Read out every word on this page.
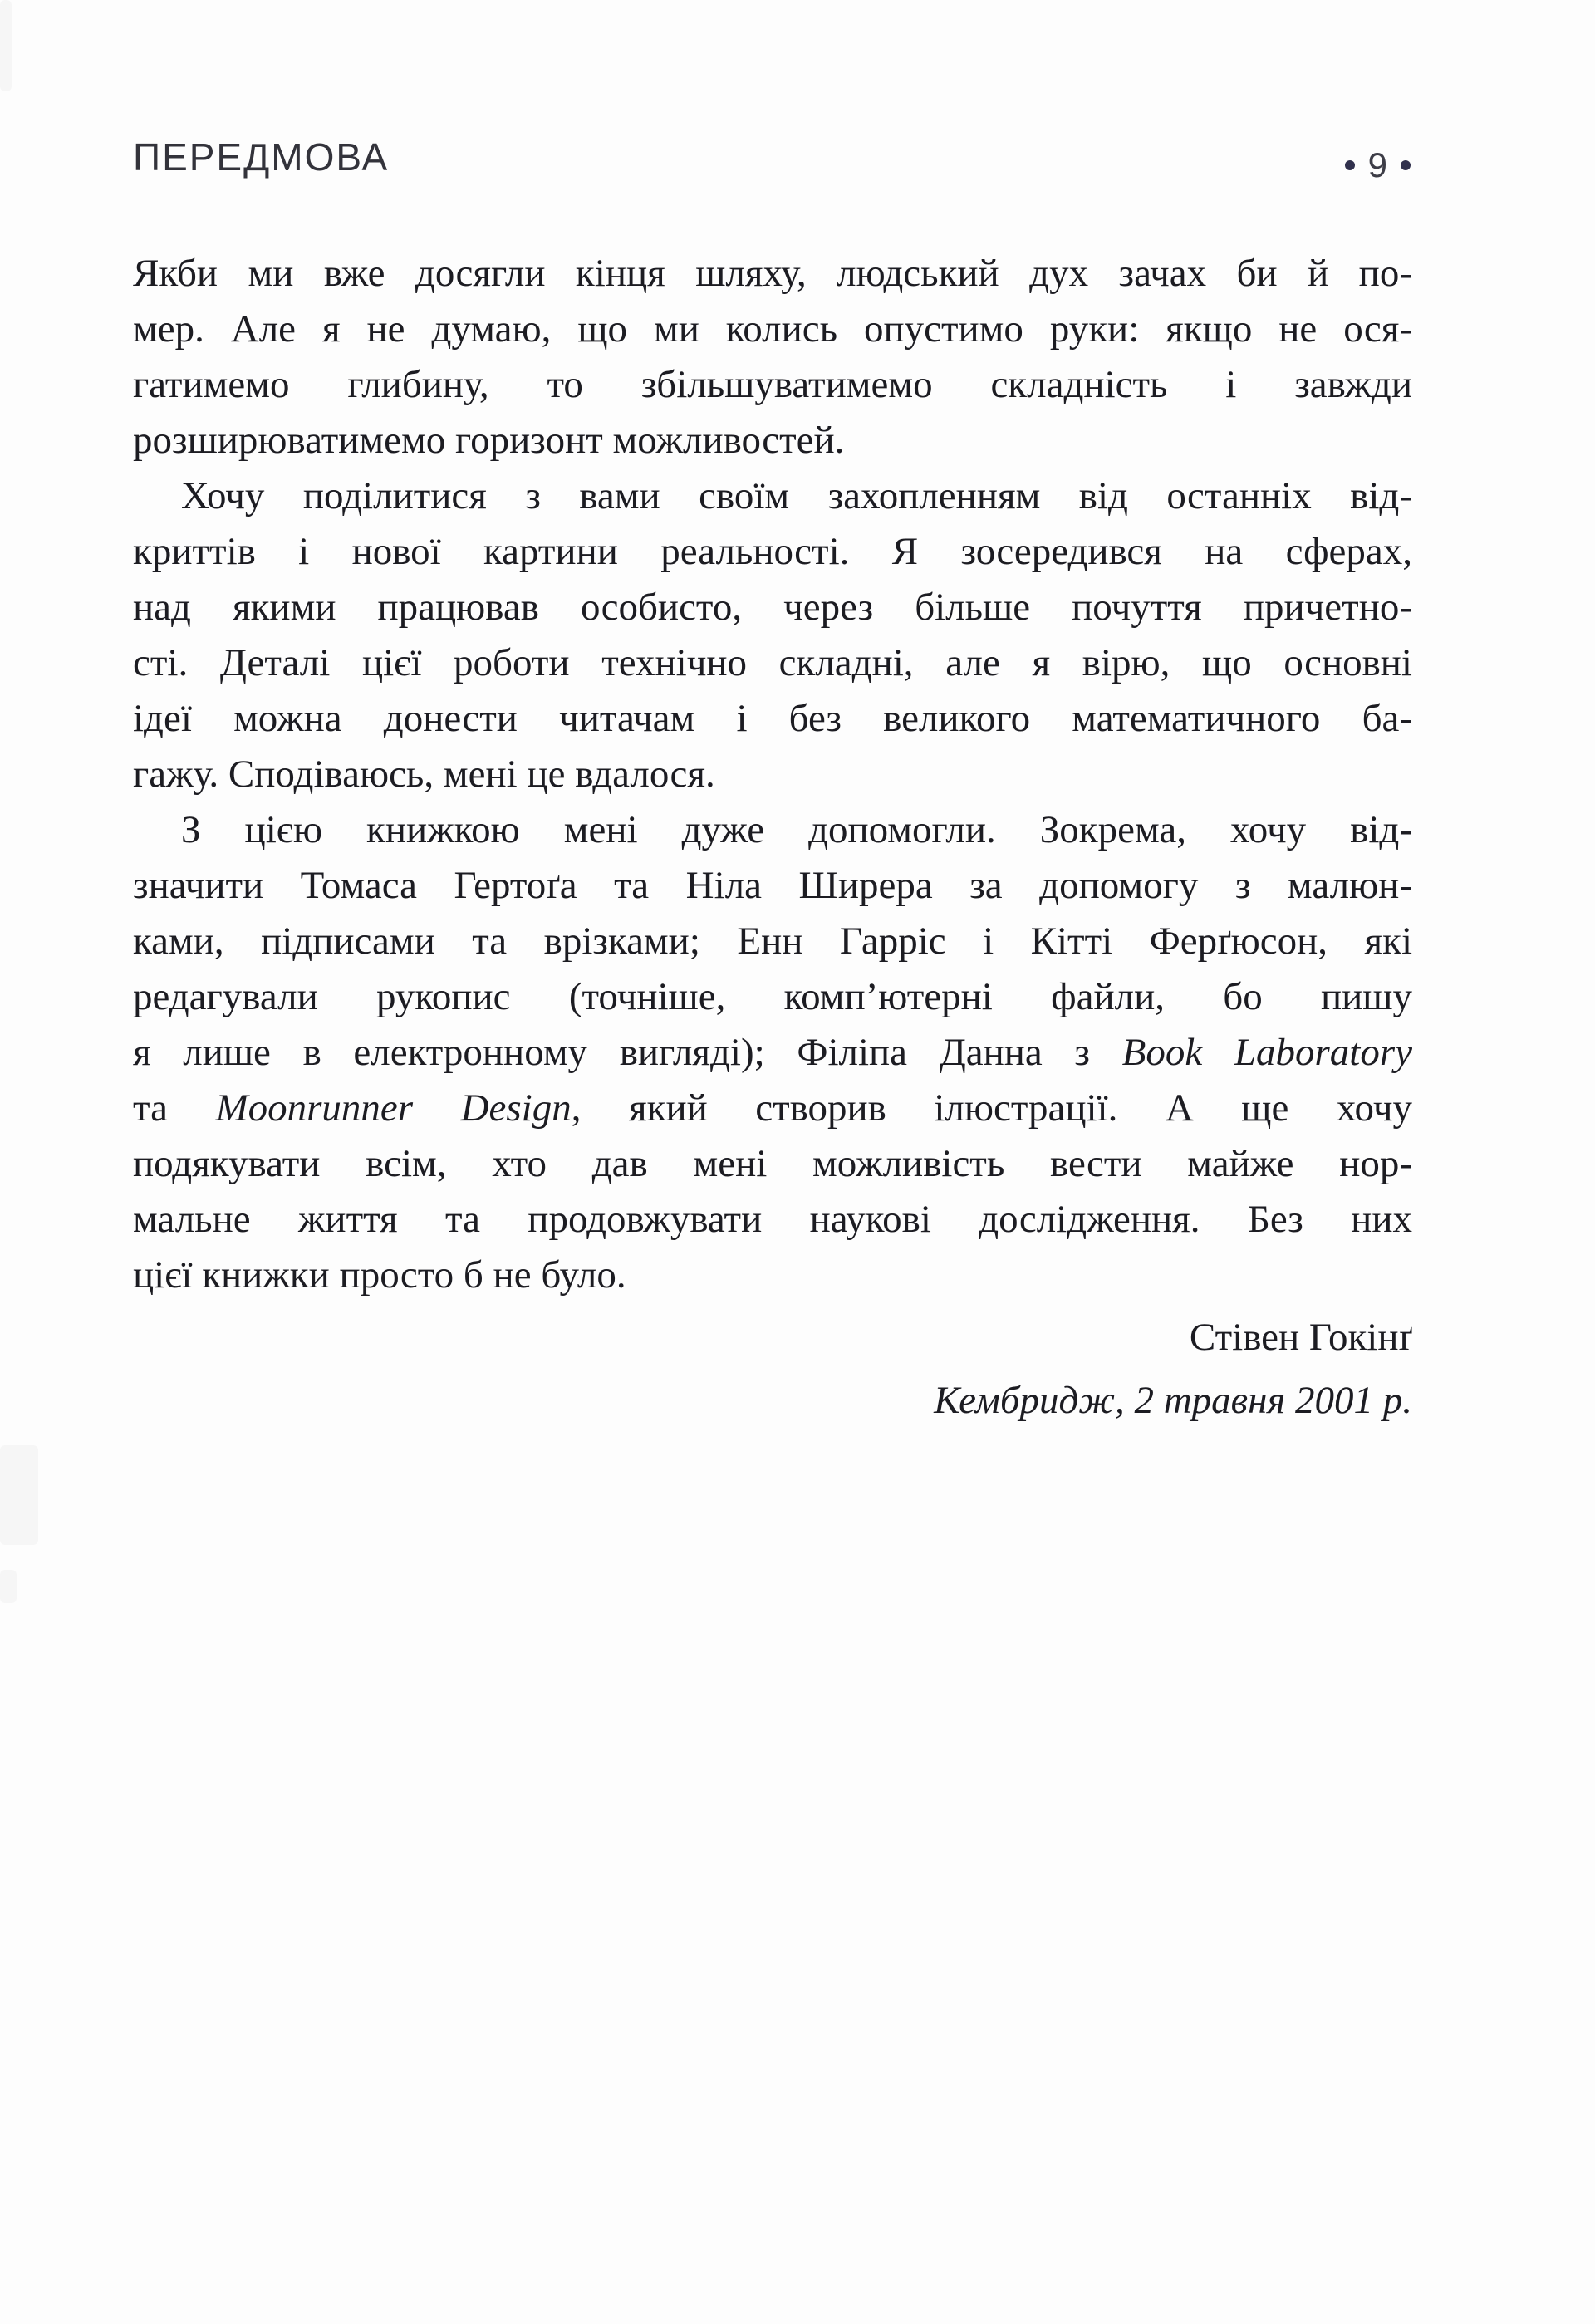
ПЕРЕДМОВА	9
Якби ми вже досягли кінця шляху, людський дух зачах би й по-
мер. Але я не думаю, що ми колись опустимо руки: якщо не ося-
гатимемо глибину, то збільшуватимемо складність і завжди
розширюватимемо горизонт можливостей.
Хочу поділитися з вами своїм захопленням від останніх від-
криттів і нової картини реальності. Я зосередився на сферах,
над якими працював особисто, через більше почуття причетно-
сті. Деталі цієї роботи технічно складні, але я вірю, що основні
ідеї можна донести читачам і без великого математичного ба-
гажу. Сподіваюсь, мені це вдалося.
З цією книжкою мені дуже допомогли. Зокрема, хочу від-
значити Томаса Гертоґа та Ніла Ширера за допомогу з малюн-
ками, підписами та врізками; Енн Гарріс і Кітті Ферґюсон, які
редагували рукопис (точніше, комп’ютерні файли, бо пишу
я лише в електронному вигляді); Філіпа Данна з Book Laboratory
та Moonrunner Design, який створив ілюстрації. А ще хочу
подякувати всім, хто дав мені можливість вести майже нор-
мальне життя та продовжувати наукові дослідження. Без них
цієї книжки просто б не було.
Стівен Гокінґ
Кембридж, 2 травня 2001 р.
